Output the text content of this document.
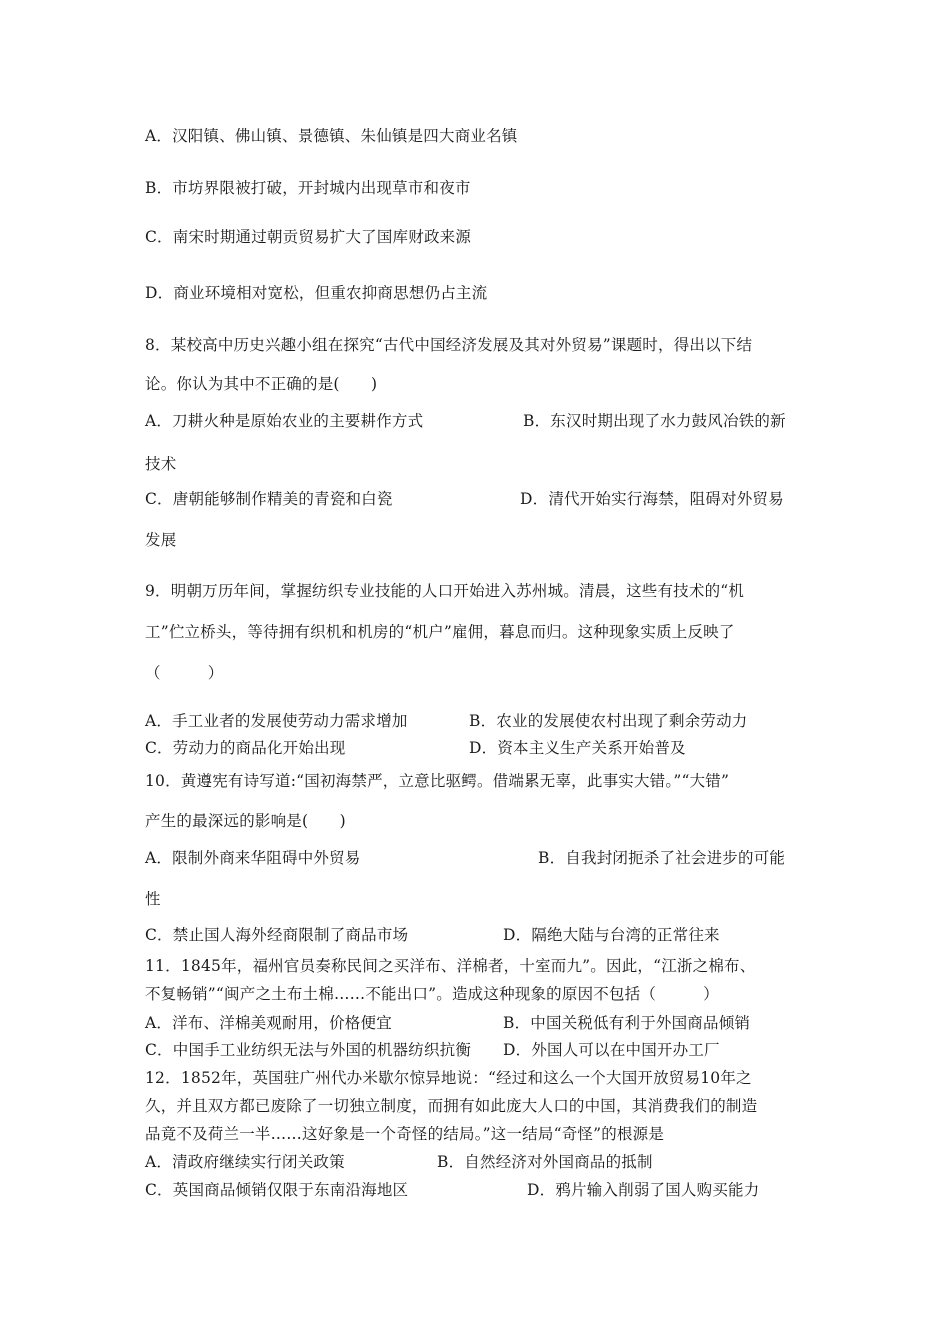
A．汉阳镇、佛山镇、景德镇、朱仙镇是四大商业名镇
B．市坊界限被打破，开封城内出现草市和夜市
C．南宋时期通过朝贡贸易扩大了国库财政来源
D．商业环境相对宽松，但重农抑商思想仍占主流
8．某校高中历史兴趣小组在探究“古代中国经济发展及其对外贸易”课题时，得出以下结
论。你认为其中不正确的是(　　)
A．刀耕火种是原始农业的主要耕作方式	B．东汉时期出现了水力鼓风冶铁的新
技术
C．唐朝能够制作精美的青瓷和白瓷	D．清代开始实行海禁，阻碍对外贸易
发展
9．明朝万历年间，掌握纺织专业技能的人口开始进入苏州城。清晨，这些有技术的“机
工”伫立桥头，等待拥有织机和机房的“机户”雇佣，暮息而归。这种现象实质上反映了
（　　　）
A．手工业者的发展使劳动力需求增加	B．农业的发展使农村出现了剩余劳动力
C．劳动力的商品化开始出现	D．资本主义生产关系开始普及
10．黄遵宪有诗写道:“国初海禁严，立意比驱鳄。借端累无辜，此事实大错。”“大错”
产生的最深远的影响是(　　)
A．限制外商来华阻碍中外贸易	B．自我封闭扼杀了社会进步的可能
性
C．禁止国人海外经商限制了商品市场	D．隔绝大陆与台湾的正常往来
11．1845年，福州官员奏称民间之买洋布、洋棉者，十室而九”。因此，“江浙之棉布、
不复畅销”“闽产之土布土棉……不能出口”。造成这种现象的原因不包括（　　　）
A．洋布、洋棉美观耐用，价格便宜	B．中国关税低有利于外国商品倾销
C．中国手工业纺织无法与外国的机器纺织抗衡 D．外国人可以在中国开办工厂
12．1852年，英国驻广州代办米歇尔惊异地说：“经过和这么一个大国开放贸易10年之
久，并且双方都已废除了一切独立制度，而拥有如此庞大人口的中国，其消费我们的制造
品竟不及荷兰一半……这好象是一个奇怪的结局。”这一结局“奇怪”的根源是
A．清政府继续实行闭关政策	B．自然经济对外国商品的抵制
C．英国商品倾销仅限于东南沿海地区	D．鸦片输入削弱了国人购买能力
